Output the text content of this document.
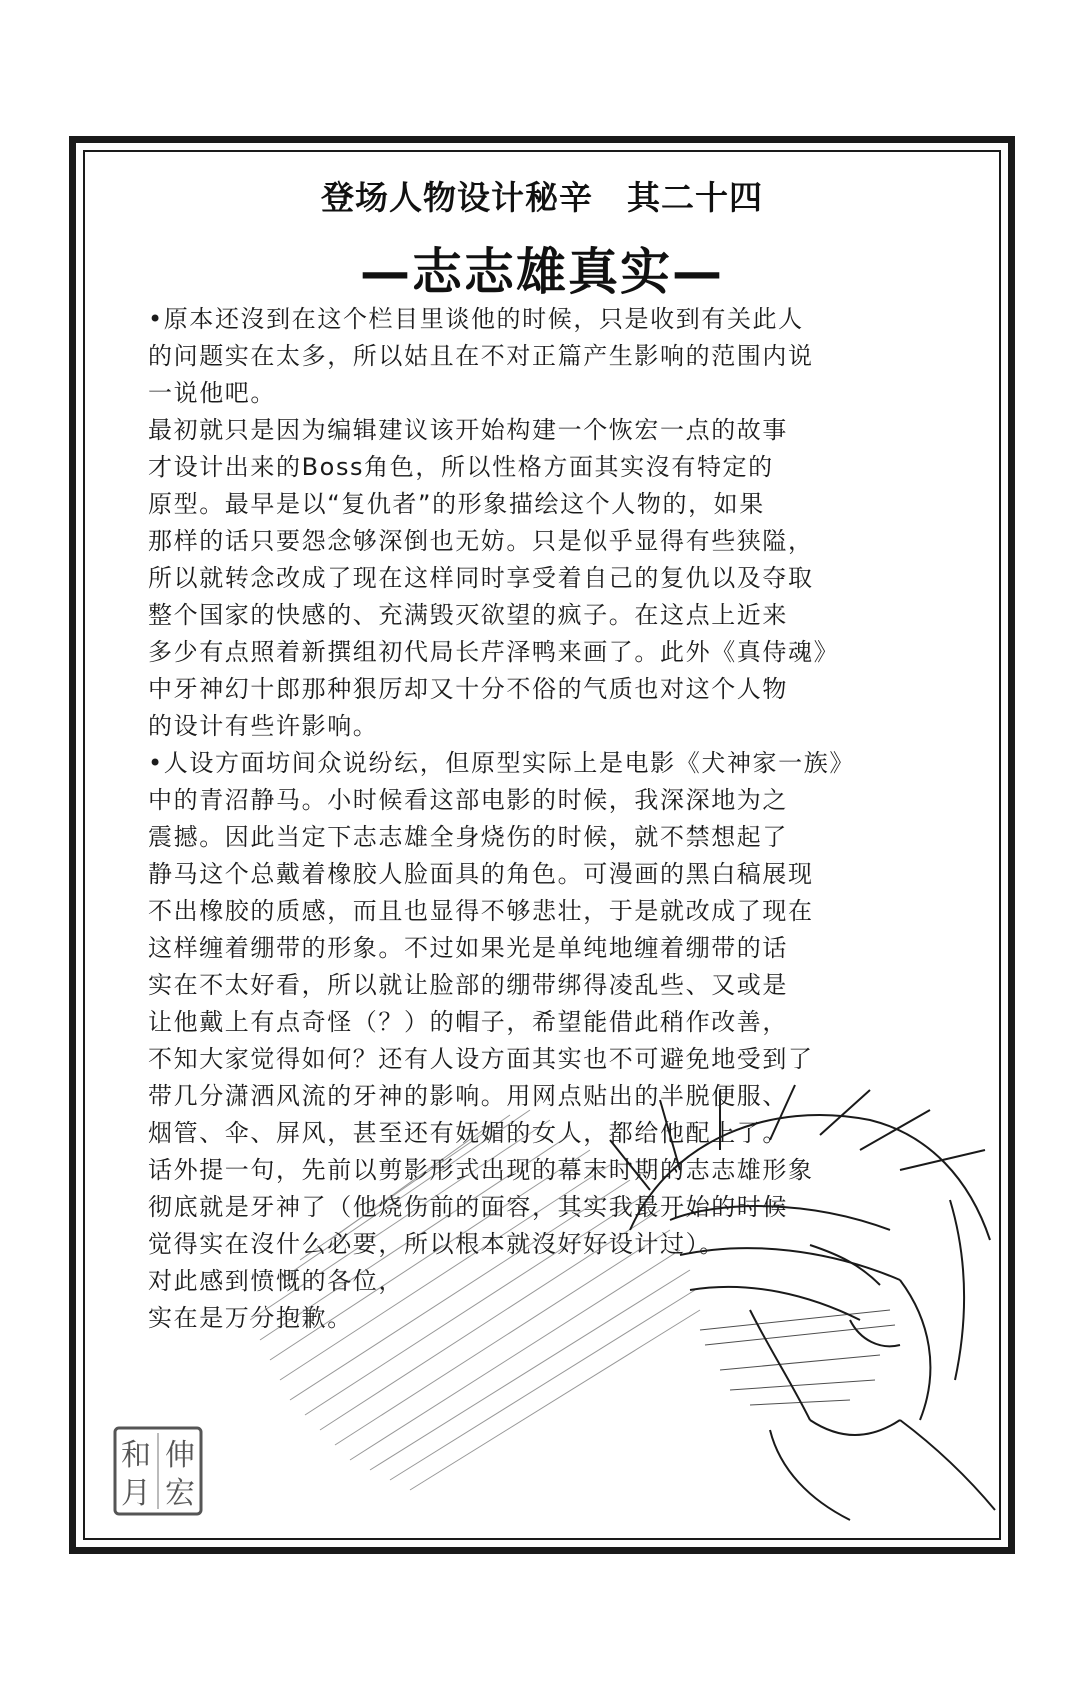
登场人物设计秘辛　其二十四
—志志雄真实—
•原本还沒到在这个栏目里谈他的时候，只是收到有关此人
的问题实在太多，所以姑且在不对正篇产生影响的范围内说
一说他吧。
最初就只是因为编辑建议该开始构建一个恢宏一点的故事
才设计出来的Boss角色，所以性格方面其实沒有特定的
原型。最早是以“复仇者”的形象描绘这个人物的，如果
那样的话只要怨念够深倒也无妨。只是似乎显得有些狭隘，
所以就转念改成了现在这样同时享受着自己的复仇以及夺取
整个国家的快感的、充满毁灭欲望的疯子。在这点上近来
多少有点照着新撰组初代局长芹泽鸭来画了。此外《真侍魂》
中牙神幻十郎那种狠厉却又十分不俗的气质也对这个人物
的设计有些许影响。
•人设方面坊间众说纷纭，但原型实际上是电影《犬神家一族》
中的青沼静马。小时候看这部电影的时候，我深深地为之
震撼。因此当定下志志雄全身烧伤的时候，就不禁想起了
静马这个总戴着橡胶人脸面具的角色。可漫画的黑白稿展现
不出橡胶的质感，而且也显得不够悲壮，于是就改成了现在
这样缠着绷带的形象。不过如果光是单纯地缠着绷带的话
实在不太好看，所以就让脸部的绷带绑得凌乱些、又或是
让他戴上有点奇怪（？）的帽子，希望能借此稍作改善，
不知大家觉得如何？还有人设方面其实也不可避免地受到了
带几分潇洒风流的牙神的影响。用网点贴出的半脱便服、
烟管、伞、屏风，甚至还有妩媚的女人，都给他配上了。
话外提一句，先前以剪影形式出现的幕末时期的志志雄形象
彻底就是牙神了（他烧伤前的面容，其实我最开始的时候
觉得实在沒什么必要，所以根本就沒好好设计过）。
对此感到愤慨的各位，
实在是万分抱歉。
伸
宏
和
月
